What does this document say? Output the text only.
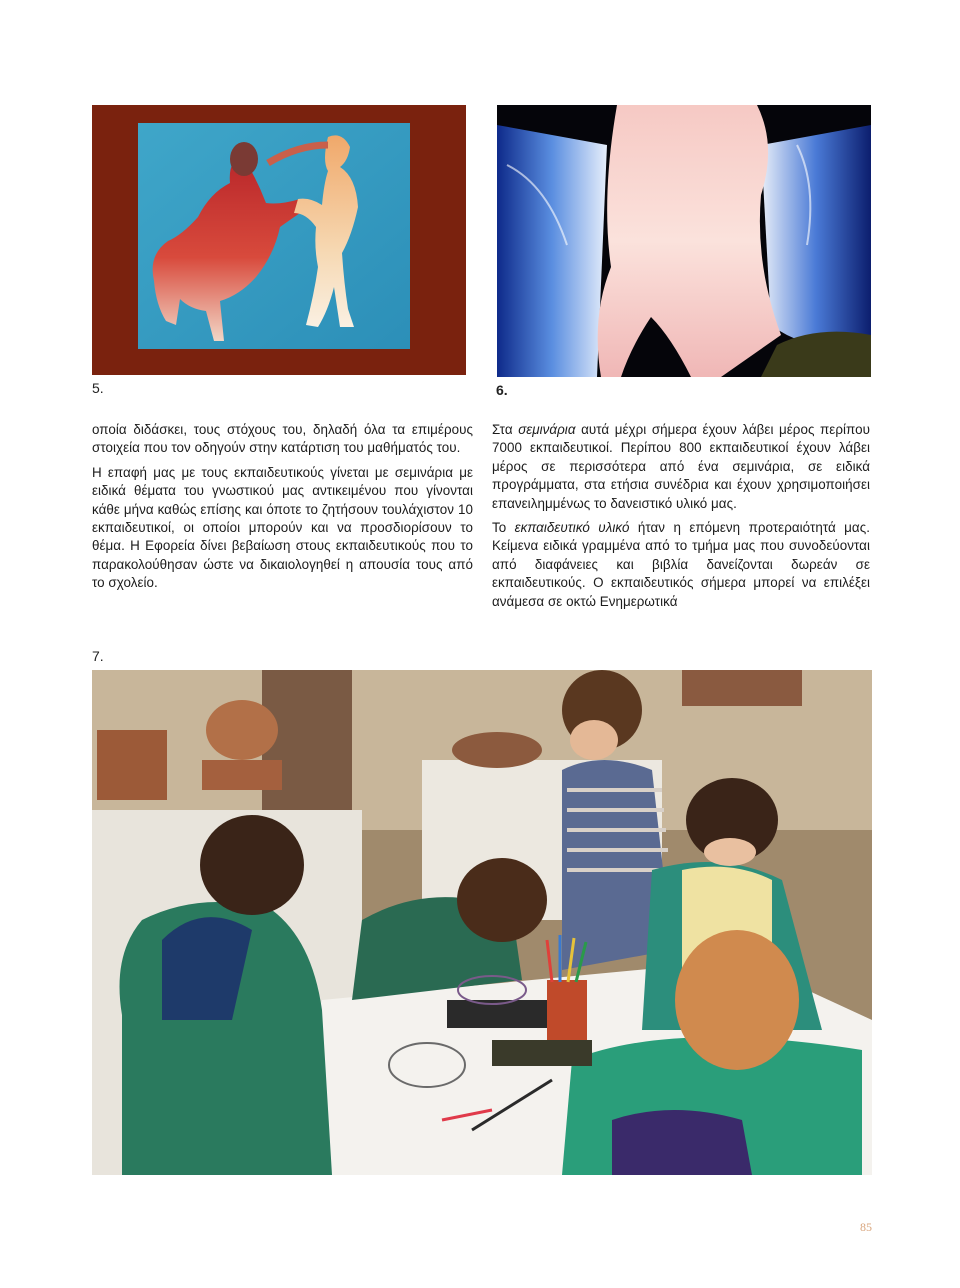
5.	6.

οποία διδάσκει, τους στόχους του, δηλαδή όλα τα επιμέρους στοιχεία που τον οδηγούν στην κατάρτιση του μαθήματός του.

Η επαφή μας με τους εκπαιδευτικούς γίνεται με σεμινάρια με ειδικά θέματα του γνωστικού μας αντικειμένου που γίνονται κάθε μήνα καθώς επίσης και όποτε το ζητήσουν τουλάχιστον 10 εκπαιδευτικοί, οι οποίοι μπορούν και να προσδιορίσουν το θέμα. Η Εφορεία δίνει βεβαίωση στους εκπαιδευτικούς που το παρακολούθησαν ώστε να δικαιολογηθεί η απουσία τους από το σχολείο.

Στα σεμινάρια αυτά μέχρι σήμερα έχουν λάβει μέρος περίπου 7000 εκπαιδευτικοί. Περίπου 800 εκπαιδευτικοί έχουν λάβει μέρος σε περισσότερα από ένα σεμινάρια, σε ειδικά προγράμματα, στα ετήσια συνέδρια και έχουν χρησιμοποιήσει επανειλημμένως το δανειστικό υλικό μας.

Το εκπαιδευτικό υλικό ήταν η επόμενη προτεραιότητά μας. Κείμενα ειδικά γραμμένα από το τμήμα μας που συνοδεύονται από διαφάνειες και βιβλία δανείζονται δωρεάν σε εκπαιδευτικούς. Ο εκπαιδευτικός σήμερα μπορεί να επιλέξει ανάμεσα σε οκτώ Ενημερωτικά

7.
85
